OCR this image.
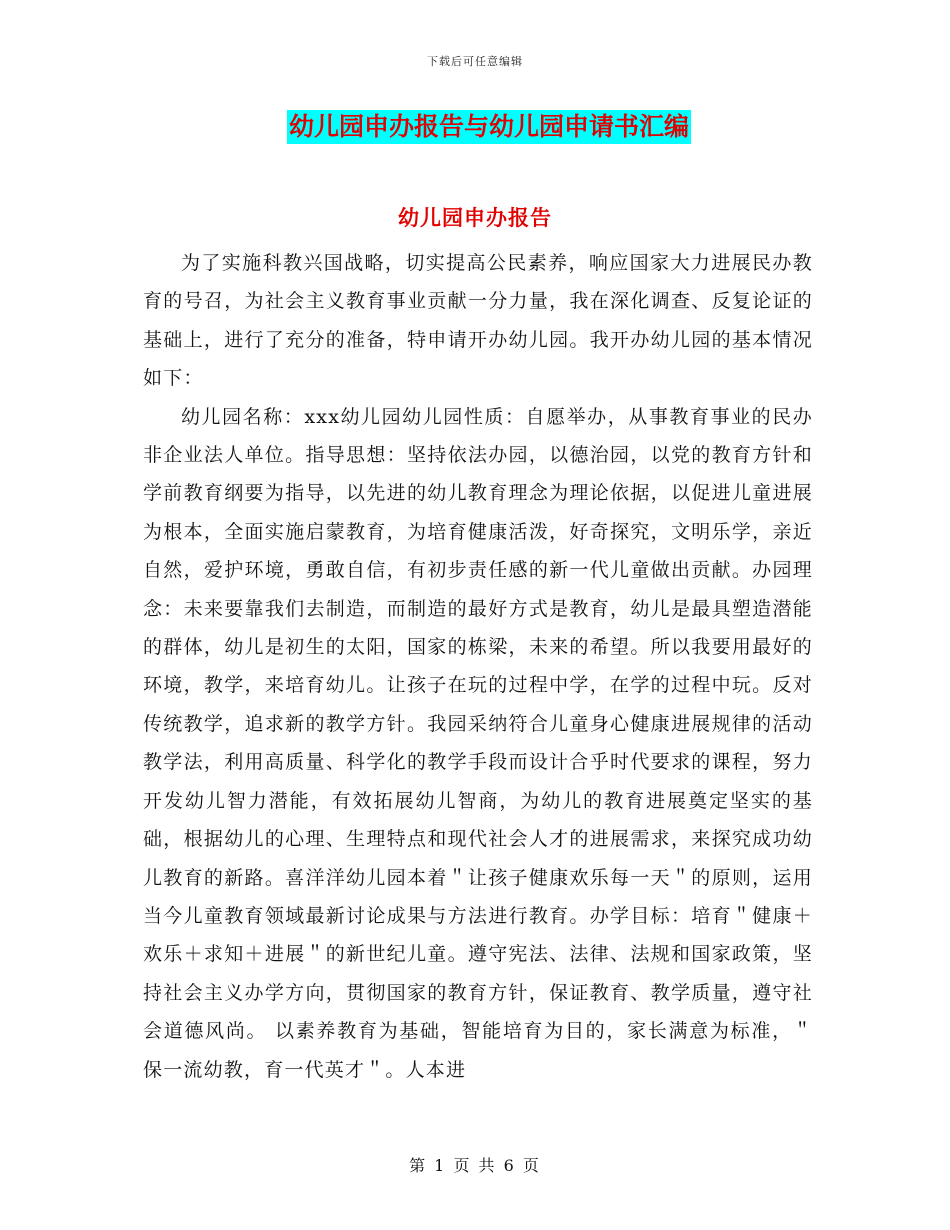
下载后可任意编辑
幼儿园申办报告与幼儿园申请书汇编
幼儿园申办报告

为了实施科教兴国战略，切实提高公民素养，响应国家大力进展民办教育的号召，为社会主义教育事业贡献一分力量，我在深化调查、反复论证的基础上，进行了充分的准备，特申请开办幼儿园。我开办幼儿园的基本情况如下：

幼儿园名称：xxx幼儿园幼儿园性质：自愿举办，从事教育事业的民办非企业法人单位。指导思想：坚持依法办园，以德治园，以党的教育方针和学前教育纲要为指导，以先进的幼儿教育理念为理论依据，以促进儿童进展为根本，全面实施启蒙教育，为培育健康活泼，好奇探究，文明乐学，亲近自然，爱护环境，勇敢自信，有初步责任感的新一代儿童做出贡献。办园理念：未来要靠我们去制造，而制造的最好方式是教育，幼儿是最具塑造潜能的群体，幼儿是初生的太阳，国家的栋梁，未来的希望。所以我要用最好的环境，教学，来培育幼儿。让孩子在玩的过程中学，在学的过程中玩。反对传统教学，追求新的教学方针。我园采纳符合儿童身心健康进展规律的活动教学法，利用高质量、科学化的教学手段而设计合乎时代要求的课程，努力开发幼儿智力潜能，有效拓展幼儿智商，为幼儿的教育进展奠定坚实的基础，根据幼儿的心理、生理特点和现代社会人才的进展需求，来探究成功幼儿教育的新路。喜洋洋幼儿园本着＂让孩子健康欢乐每一天＂的原则，运用当今儿童教育领域最新讨论成果与方法进行教育。办学目标：培育＂健康＋欢乐＋求知＋进展＂的新世纪儿童。遵守宪法、法律、法规和国家政策，坚持社会主义办学方向，贯彻国家的教育方针，保证教育、教学质量，遵守社会道德风尚。 以素养教育为基础，智能培育为目的，家长满意为标准，＂保一流幼教，育一代英才＂。人本进

第 1 页 共 6 页
